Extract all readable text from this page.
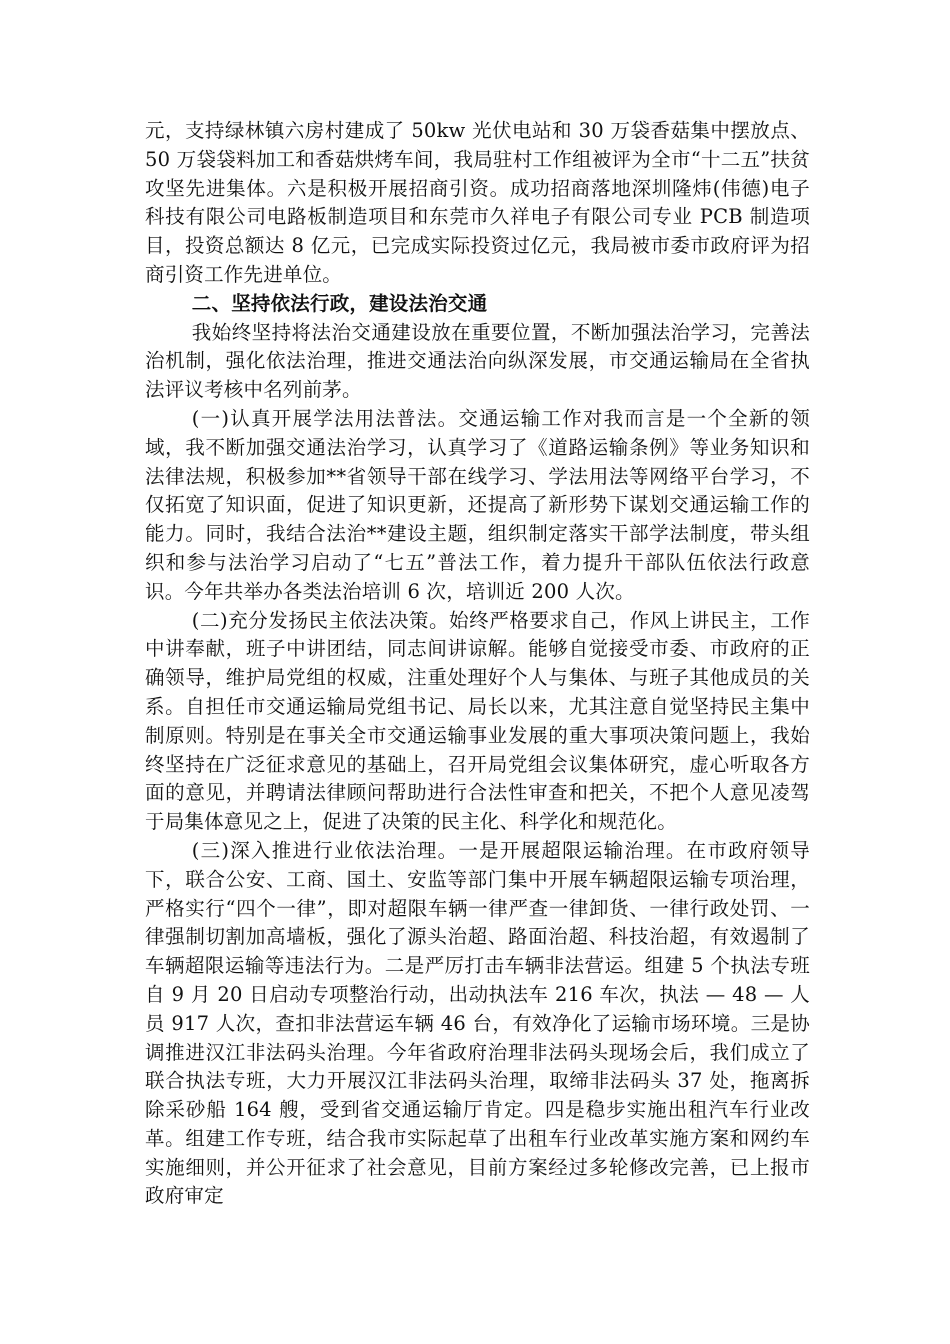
元，支持绿林镇六房村建成了 50kw 光伏电站和 30 万袋香菇集中摆放点、50 万袋袋料加工和香菇烘烤车间，我局驻村工作组被评为全市“十二五”扶贫攻坚先进集体。六是积极开展招商引资。成功招商落地深圳隆炜(伟德)电子科技有限公司电路板制造项目和东莞市久祥电子有限公司专业 PCB 制造项目，投资总额达 8 亿元，已完成实际投资过亿元，我局被市委市政府评为招商引资工作先进单位。

二、坚持依法行政，建设法治交通

我始终坚持将法治交通建设放在重要位置，不断加强法治学习，完善法治机制，强化依法治理，推进交通法治向纵深发展，市交通运输局在全省执法评议考核中名列前茅。

(一)认真开展学法用法普法。交通运输工作对我而言是一个全新的领域，我不断加强交通法治学习，认真学习了《道路运输条例》等业务知识和法律法规，积极参加**省领导干部在线学习、学法用法等网络平台学习，不仅拓宽了知识面，促进了知识更新，还提高了新形势下谋划交通运输工作的能力。同时，我结合法治**建设主题，组织制定落实干部学法制度，带头组织和参与法治学习启动了“七五”普法工作，着力提升干部队伍依法行政意识。今年共举办各类法治培训 6 次，培训近 200 人次。

(二)充分发扬民主依法决策。始终严格要求自己，作风上讲民主，工作中讲奉献，班子中讲团结，同志间讲谅解。能够自觉接受市委、市政府的正确领导，维护局党组的权威，注重处理好个人与集体、与班子其他成员的关系。自担任市交通运输局党组书记、局长以来，尤其注意自觉坚持民主集中制原则。特别是在事关全市交通运输事业发展的重大事项决策问题上，我始终坚持在广泛征求意见的基础上，召开局党组会议集体研究，虚心听取各方面的意见，并聘请法律顾问帮助进行合法性审查和把关，不把个人意见凌驾于局集体意见之上，促进了决策的民主化、科学化和规范化。

(三)深入推进行业依法治理。一是开展超限运输治理。在市政府领导下，联合公安、工商、国土、安监等部门集中开展车辆超限运输专项治理，严格实行“四个一律”，即对超限车辆一律严查一律卸货、一律行政处罚、一律强制切割加高墙板，强化了源头治超、路面治超、科技治超，有效遏制了车辆超限运输等违法行为。二是严厉打击车辆非法营运。组建 5 个执法专班自 9 月 20 日启动专项整治行动，出动执法车 216 车次，执法 — 48 — 人员 917 人次，查扣非法营运车辆 46 台，有效净化了运输市场环境。三是协调推进汉江非法码头治理。今年省政府治理非法码头现场会后，我们成立了联合执法专班，大力开展汉江非法码头治理，取缔非法码头 37 处，拖离拆除采砂船 164 艘，受到省交通运输厅肯定。四是稳步实施出租汽车行业改革。组建工作专班，结合我市实际起草了出租车行业改革实施方案和网约车实施细则，并公开征求了社会意见，目前方案经过多轮修改完善，已上报市政府审定
